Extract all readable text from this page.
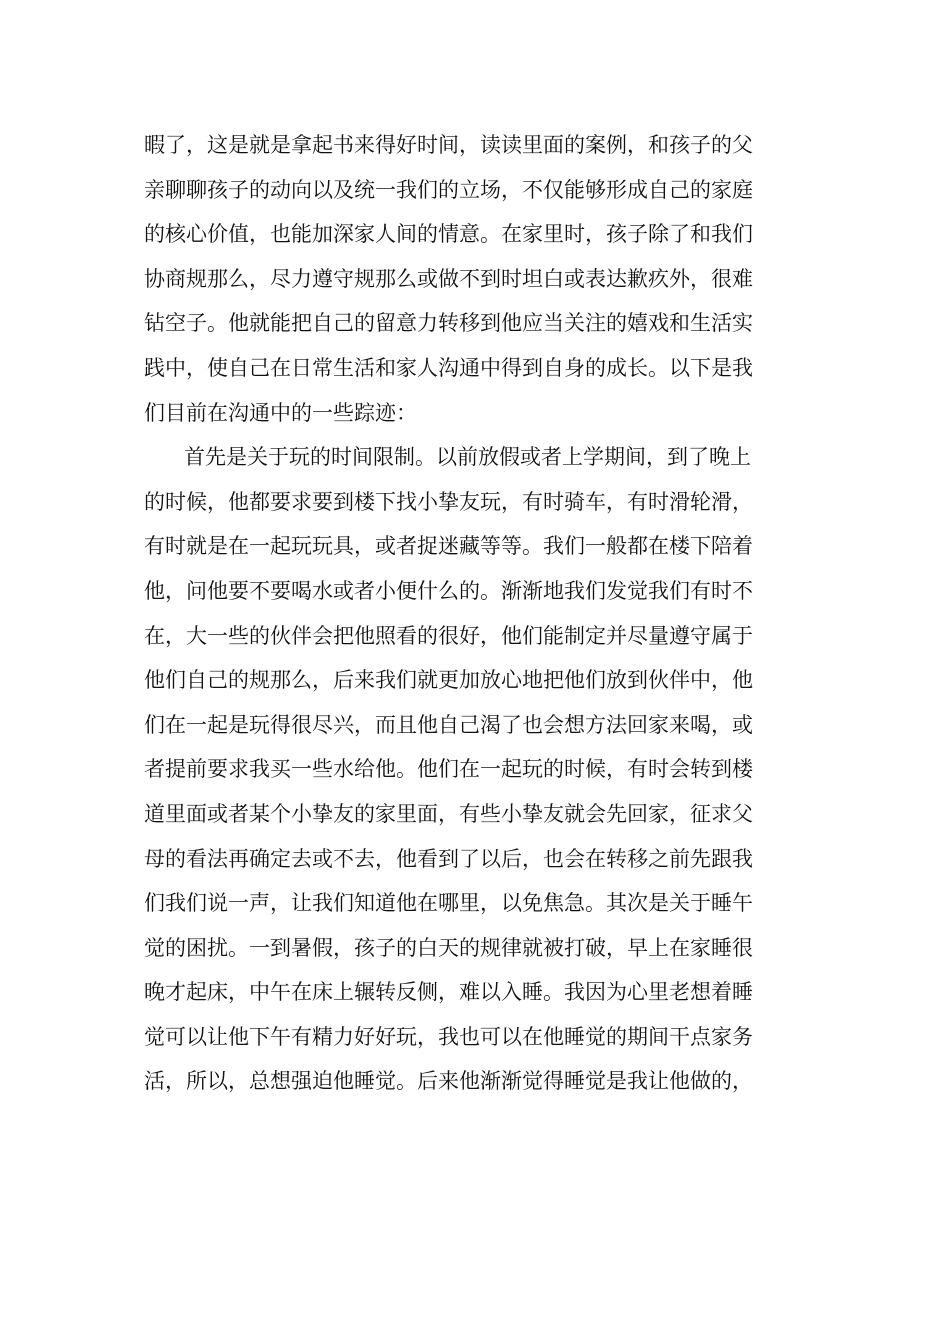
暇了，这是就是拿起书来得好时间，读读里面的案例，和孩子的父
亲聊聊孩子的动向以及统一我们的立场，不仅能够形成自己的家庭
的核心价值，也能加深家人间的情意。在家里时，孩子除了和我们
协商规那么，尽力遵守规那么或做不到时坦白或表达歉疚外，很难
钻空子。他就能把自己的留意力转移到他应当关注的嬉戏和生活实
践中，使自己在日常生活和家人沟通中得到自身的成长。以下是我
们目前在沟通中的一些踪迹：
首先是关于玩的时间限制。以前放假或者上学期间，到了晚上
的时候，他都要求要到楼下找小挚友玩，有时骑车，有时滑轮滑，
有时就是在一起玩玩具，或者捉迷藏等等。我们一般都在楼下陪着
他，问他要不要喝水或者小便什么的。渐渐地我们发觉我们有时不
在，大一些的伙伴会把他照看的很好，他们能制定并尽量遵守属于
他们自己的规那么，后来我们就更加放心地把他们放到伙伴中，他
们在一起是玩得很尽兴，而且他自己渴了也会想方法回家来喝，或
者提前要求我买一些水给他。他们在一起玩的时候，有时会转到楼
道里面或者某个小挚友的家里面，有些小挚友就会先回家，征求父
母的看法再确定去或不去，他看到了以后，也会在转移之前先跟我
们我们说一声，让我们知道他在哪里，以免焦急。其次是关于睡午
觉的困扰。一到暑假，孩子的白天的规律就被打破，早上在家睡很
晚才起床，中午在床上辗转反侧，难以入睡。我因为心里老想着睡
觉可以让他下午有精力好好玩，我也可以在他睡觉的期间干点家务
活，所以，总想强迫他睡觉。后来他渐渐觉得睡觉是我让他做的，
